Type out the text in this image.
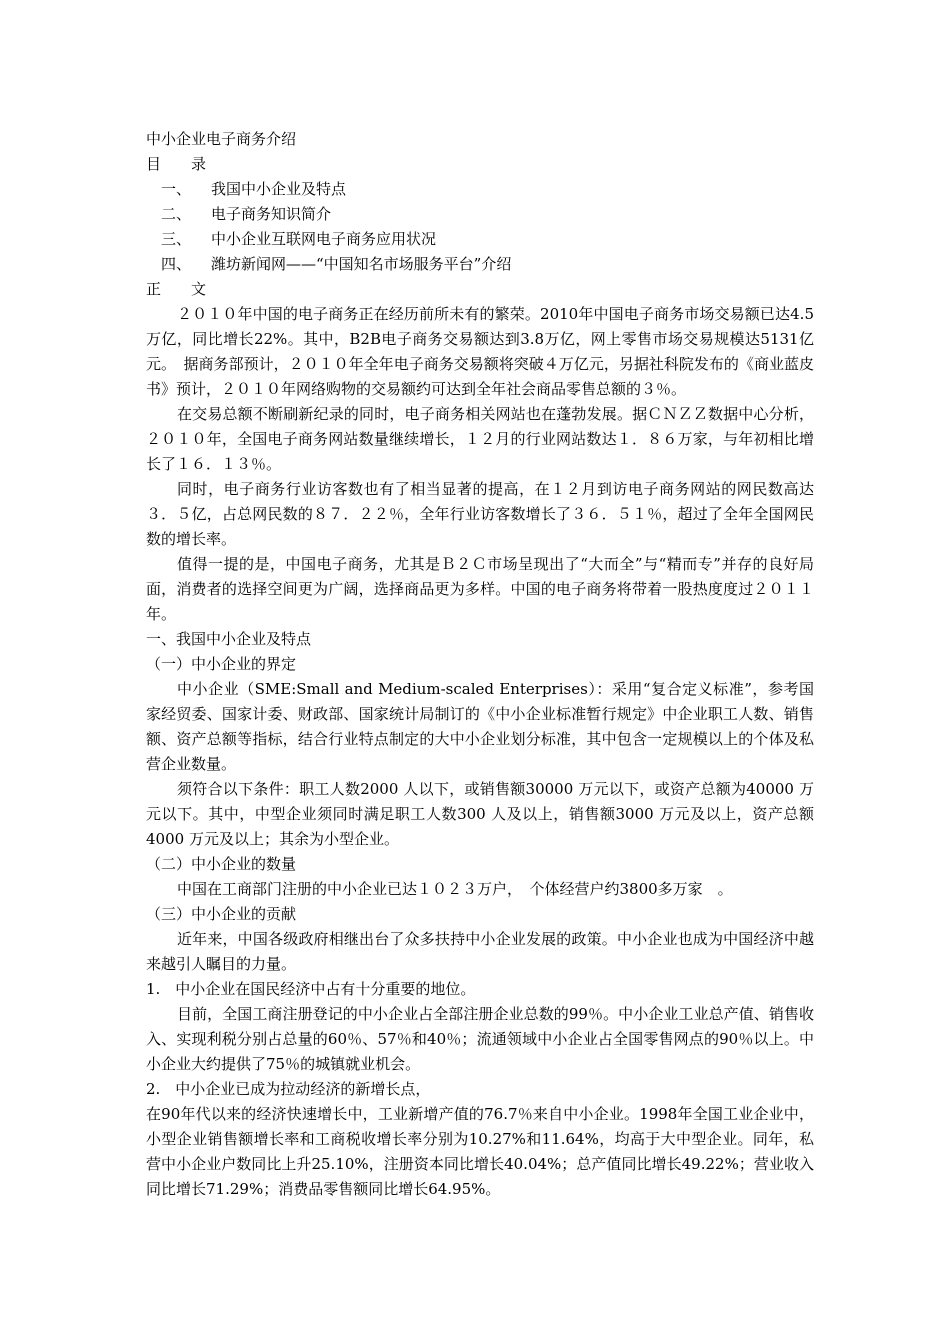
中小企业电子商务介绍
目　　录
一、 我国中小企业及特点
二、 电子商务知识简介
三、 中小企业互联网电子商务应用状况
四、 潍坊新闻网——“中国知名市场服务平台”介绍
正　　文
２０１０年中国的电子商务正在经历前所未有的繁荣。2010年中国电子商务市场交易额已达4.5万亿，同比增长22%。其中，B2B电子商务交易额达到3.8万亿，网上零售市场交易规模达5131亿元。　据商务部预计，２０１０年全年电子商务交易额将突破４万亿元，另据社科院发布的《商业蓝皮书》预计，２０１０年网络购物的交易额约可达到全年社会商品零售总额的３％。
在交易总额不断刷新纪录的同时，电子商务相关网站也在蓬勃发展。据ＣＮＺＺ数据中心分析，２０１０年，全国电子商务网站数量继续增长，１２月的行业网站数达１．８６万家，与年初相比增长了１６．１３％。
同时，电子商务行业访客数也有了相当显著的提高，在１２月到访电子商务网站的网民数高达３．５亿，占总网民数的８７．２２％，全年行业访客数增长了３６．５１％，超过了全年全国网民数的增长率。
值得一提的是，中国电子商务，尤其是Ｂ２Ｃ市场呈现出了“大而全”与“精而专”并存的良好局面，消费者的选择空间更为广阔，选择商品更为多样。中国的电子商务将带着一股热度度过２０１１年。
一、我国中小企业及特点
（一）中小企业的界定
中小企业（SME:Small and Medium-scaled Enterprises）：采用“复合定义标准”，参考国家经贸委、国家计委、财政部、国家统计局制订的《中小企业标准暂行规定》中企业职工人数、销售额、资产总额等指标，结合行业特点制定的大中小企业划分标准，其中包含一定规模以上的个体及私营企业数量。
须符合以下条件：职工人数2000 人以下，或销售额30000 万元以下，或资产总额为40000 万元以下。其中，中型企业须同时满足职工人数300 人及以上，销售额3000 万元及以上，资产总额4000 万元及以上；其余为小型企业。
（二）中小企业的数量
中国在工商部门注册的中小企业已达１０２３万户，　个体经营户约3800多万家　。
（三）中小企业的贡献
近年来，中国各级政府相继出台了众多扶持中小企业发展的政策。中小企业也成为中国经济中越来越引人瞩目的力量。
1.　中小企业在国民经济中占有十分重要的地位。
目前，全国工商注册登记的中小企业占全部注册企业总数的99％。中小企业工业总产值、销售收入、实现利税分别占总量的60％、57％和40％；流通领域中小企业占全国零售网点的90％以上。中小企业大约提供了75％的城镇就业机会。
2.　中小企业已成为拉动经济的新增长点，
在90年代以来的经济快速增长中，工业新增产值的76.7％来自中小企业。1998年全国工业企业中，小型企业销售额增长率和工商税收增长率分别为10.27%和11.64%，均高于大中型企业。同年，私营中小企业户数同比上升25.10%，注册资本同比增长40.04%；总产值同比增长49.22%；营业收入同比增长71.29%；消费品零售额同比增长64.95%。
